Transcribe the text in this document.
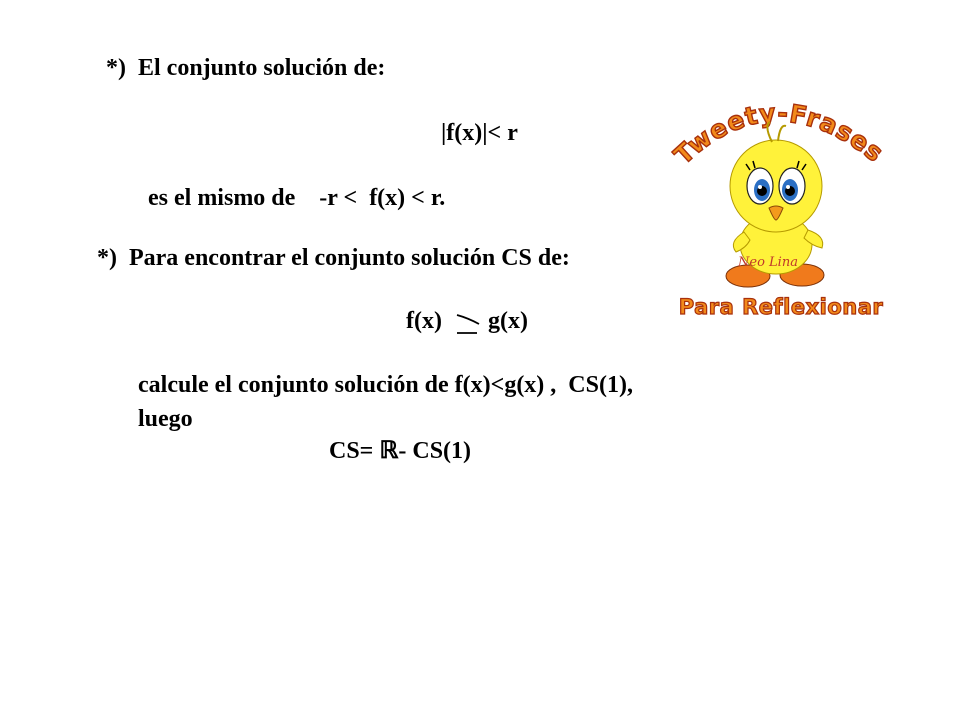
*)  El conjunto solución de:
|f(x)|< r
es el mismo de    -r <  f(x) < r.
*)  Para encontrar el conjunto solución CS de:
f(x) g(x)
calcule el conjunto solución de f(x)<g(x) ,  CS(1),
luego
CS= ℝ- CS(1)
Tweety-Frases
Neo Lina
Para Reflexionar
